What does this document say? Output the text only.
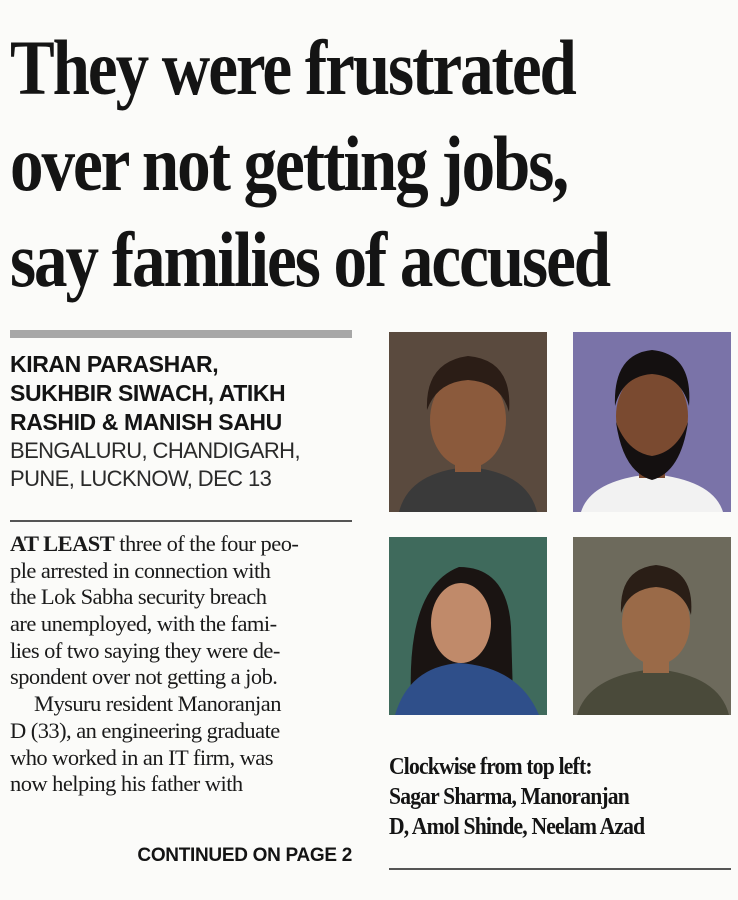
They were frustrated
over not getting jobs,
say families of accused
KIRAN PARASHAR,
SUKHBIR SIWACH, ATIKH
RASHID & MANISH SAHU
BENGALURU, CHANDIGARH,
PUNE, LUCKNOW, DEC 13
AT LEAST three of the four peo-
ple arrested in connection with
the Lok Sabha security breach
are unemployed, with the fami-
lies of two saying they were de-
spondent over not getting a job.
Mysuru resident Manoranjan
D (33), an engineering graduate
who worked in an IT firm, was
now helping his father with
CONTINUED ON PAGE 2
Clockwise from top left:
Sagar Sharma, Manoranjan
D, Amol Shinde, Neelam Azad
